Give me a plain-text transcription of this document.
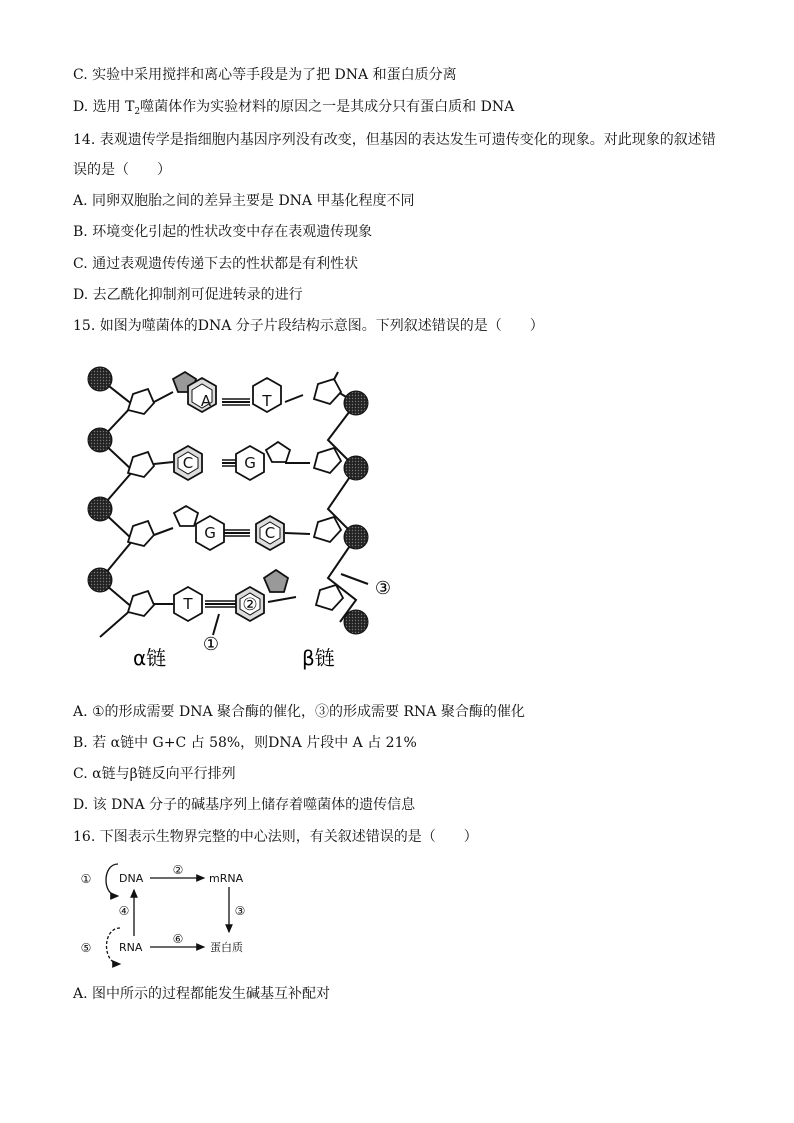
C. 实验中采用搅拌和离心等手段是为了把 DNA 和蛋白质分离
D. 选用 $T_2$噬菌体作为实验材料的原因之一是其成分只有蛋白质和 DNA
14. 表观遗传学是指细胞内基因序列没有改变，但基因的表达发生可遗传变化的现象。对此现象的叙述错
误的是（　　）
A. 同卵双胞胎之间的差异主要是 DNA 甲基化程度不同
B. 环境变化引起的性状改变中存在表观遗传现象
C. 通过表观遗传传递下去的性状都是有利性状
D. 去乙酰化抑制剂可促进转录的进行
15. 如图为噬菌体的DNA 分子片段结构示意图。下列叙述错误的是（　　）
A	T
C	G
G	C
T	②
①
③
α链	β链
A. ①的形成需要 DNA 聚合酶的催化，③的形成需要 RNA 聚合酶的催化
B. 若 α链中 G+C 占 58%，则DNA 片段中 A 占 21%
C. α链与β链反向平行排列
D. 该 DNA 分子的碱基序列上储存着噬菌体的遗传信息
16. 下图表示生物界完整的中心法则，有关叙述错误的是（　　）
DNA	mRNA
RNA	蛋白质
①
②
③
④
⑤
⑥
A. 图中所示的过程都能发生碱基互补配对
